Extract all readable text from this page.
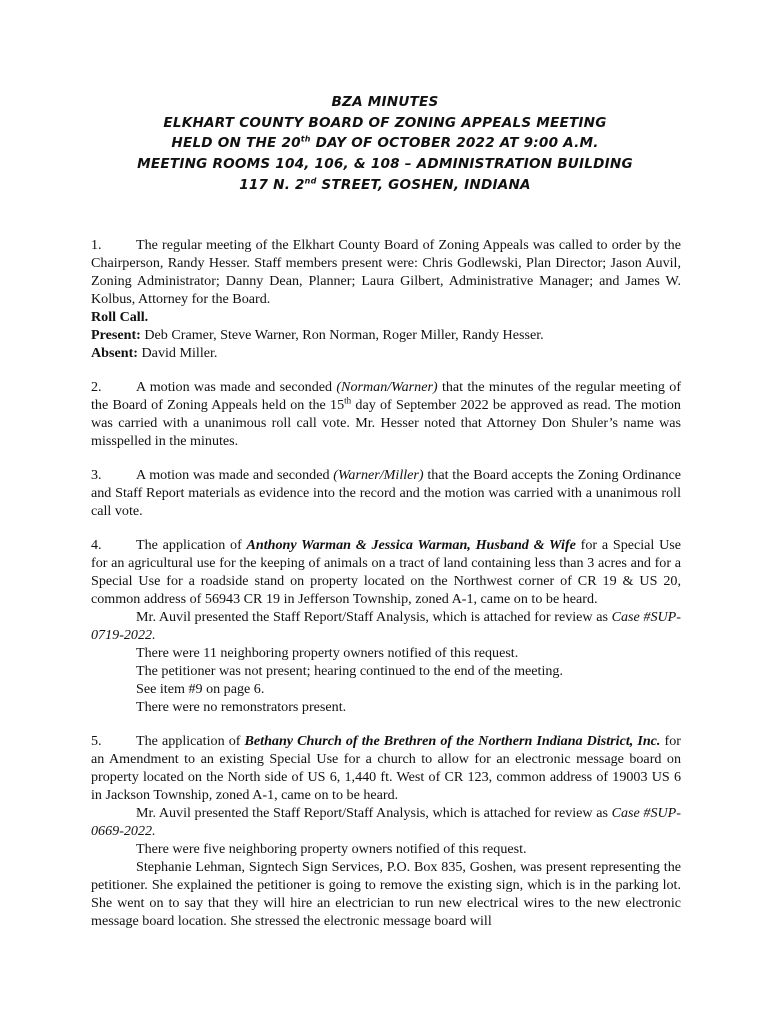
BZA MINUTES
ELKHART COUNTY BOARD OF ZONING APPEALS MEETING
HELD ON THE 20th DAY OF OCTOBER 2022 AT 9:00 A.M.
MEETING ROOMS 104, 106, & 108 – ADMINISTRATION BUILDING
117 N. 2nd STREET, GOSHEN, INDIANA

1. The regular meeting of the Elkhart County Board of Zoning Appeals was called to order by the Chairperson, Randy Hesser. Staff members present were: Chris Godlewski, Plan Director; Jason Auvil, Zoning Administrator; Danny Dean, Planner; Laura Gilbert, Administrative Manager; and James W. Kolbus, Attorney for the Board.

Roll Call.

Present: Deb Cramer, Steve Warner, Ron Norman, Roger Miller, Randy Hesser.

Absent: David Miller.

2. A motion was made and seconded (Norman/Warner) that the minutes of the regular meeting of the Board of Zoning Appeals held on the 15th day of September 2022 be approved as read. The motion was carried with a unanimous roll call vote. Mr. Hesser noted that Attorney Don Shuler’s name was misspelled in the minutes.

3. A motion was made and seconded (Warner/Miller) that the Board accepts the Zoning Ordinance and Staff Report materials as evidence into the record and the motion was carried with a unanimous roll call vote.

4. The application of Anthony Warman & Jessica Warman, Husband & Wife for a Special Use for an agricultural use for the keeping of animals on a tract of land containing less than 3 acres and for a Special Use for a roadside stand on property located on the Northwest corner of CR 19 & US 20, common address of 56943 CR 19 in Jefferson Township, zoned A-1, came on to be heard.

Mr. Auvil presented the Staff Report/Staff Analysis, which is attached for review as Case #SUP-0719-2022.

There were 11 neighboring property owners notified of this request.

The petitioner was not present; hearing continued to the end of the meeting.

See item #9 on page 6.

There were no remonstrators present.

5. The application of Bethany Church of the Brethren of the Northern Indiana District, Inc. for an Amendment to an existing Special Use for a church to allow for an electronic message board on property located on the North side of US 6, 1,440 ft. West of CR 123, common address of 19003 US 6 in Jackson Township, zoned A-1, came on to be heard.

Mr. Auvil presented the Staff Report/Staff Analysis, which is attached for review as Case #SUP-0669-2022.

There were five neighboring property owners notified of this request.

Stephanie Lehman, Signtech Sign Services, P.O. Box 835, Goshen, was present representing the petitioner. She explained the petitioner is going to remove the existing sign, which is in the parking lot. She went on to say that they will hire an electrician to run new electrical wires to the new electronic message board location. She stressed the electronic message board will
